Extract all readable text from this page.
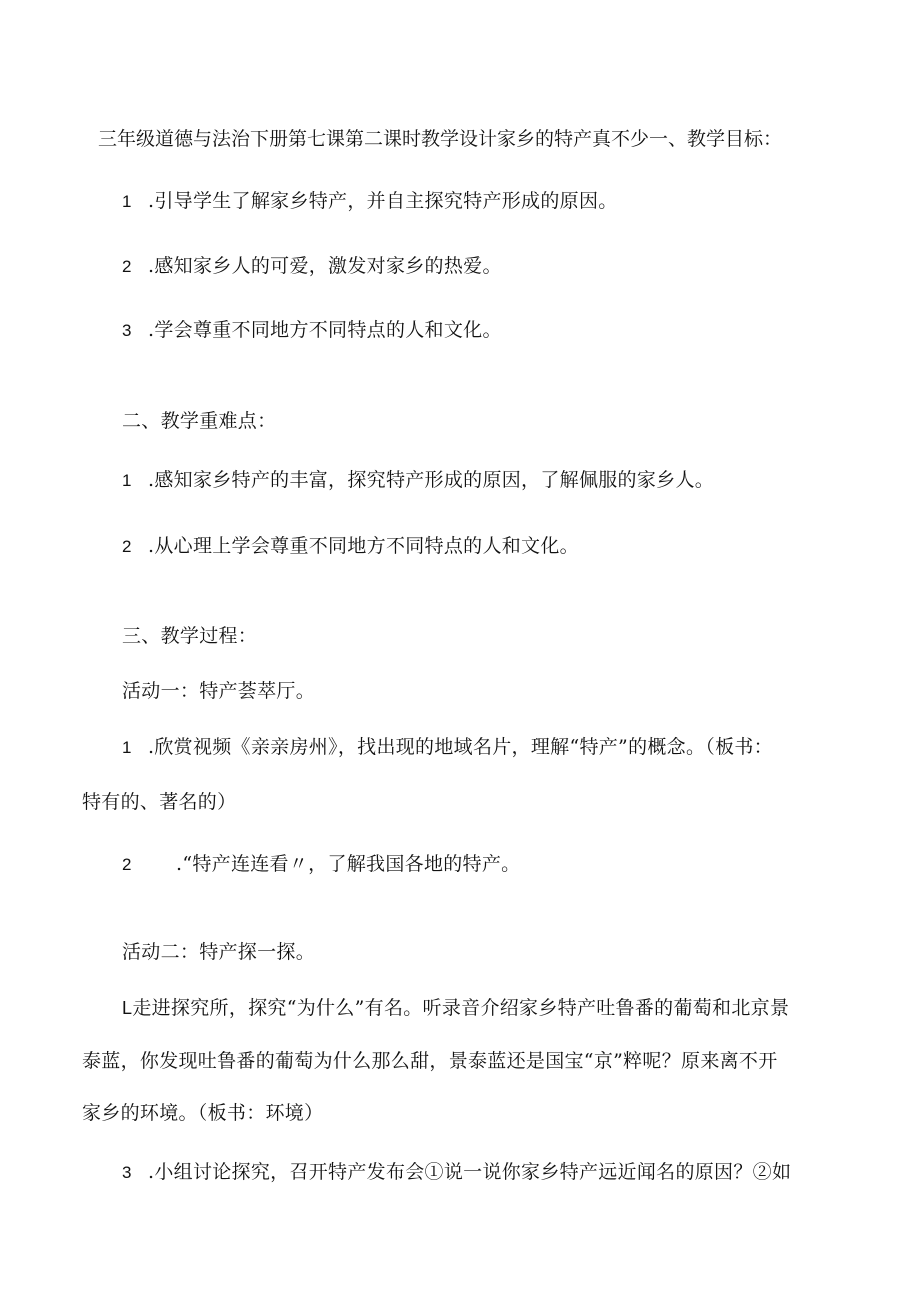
三年级道德与法治下册第七课第二课时教学设计家乡的特产真不少一、教学目标：

1 .引导学生了解家乡特产，并自主探究特产形成的原因。

2 .感知家乡人的可爱，激发对家乡的热爱。

3 .学会尊重不同地方不同特点的人和文化。

二、教学重难点：

1 .感知家乡特产的丰富，探究特产形成的原因，了解佩服的家乡人。

2 .从心理上学会尊重不同地方不同特点的人和文化。

三、教学过程：

活动一：特产荟萃厅。

1 .欣赏视频《亲亲房州》，找出现的地域名片，理解“特产”的概念。（板书：

特有的、著名的）

2 .“特产连连看〃，了解我国各地的特产。

活动二：特产探一探。

L走进探究所，探究“为什么”有名。听录音介绍家乡特产吐鲁番的葡萄和北京景

泰蓝，你发现吐鲁番的葡萄为什么那么甜，景泰蓝还是国宝“京”粹呢？原来离不开

家乡的环境。（板书：环境）

3 .小组讨论探究，召开特产发布会①说一说你家乡特产远近闻名的原因？②如
